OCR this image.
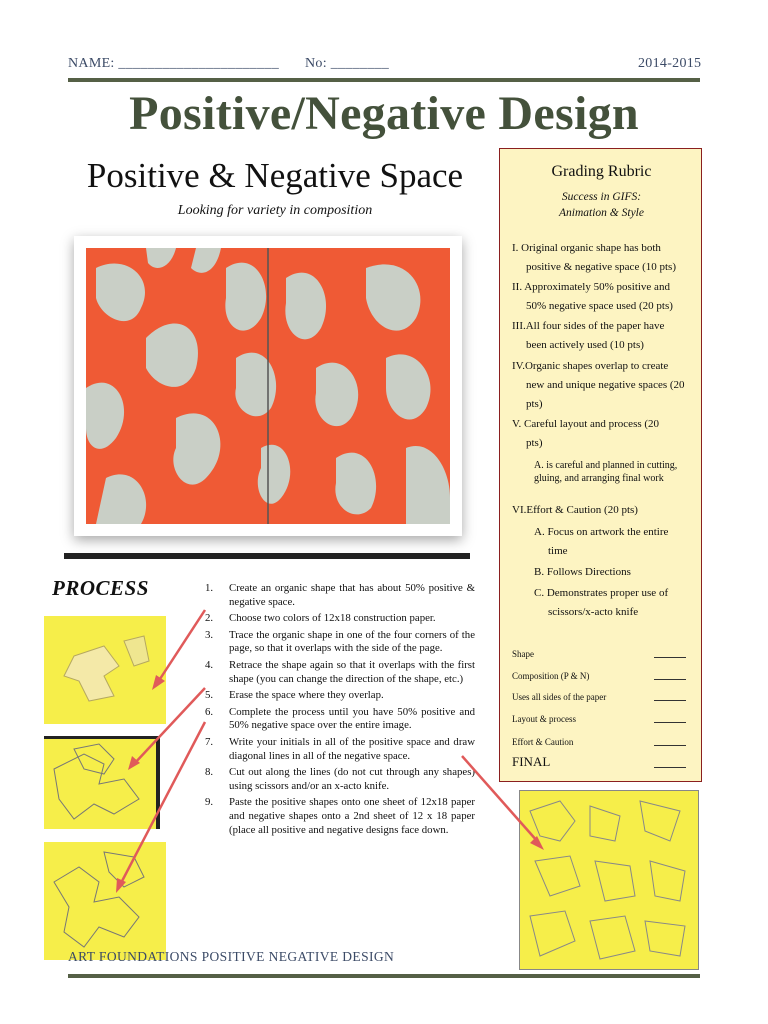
NAME: ______________________ No: ________	2014-2015
Positive/Negative Design
Positive & Negative Space
Looking for variety in composition
PROCESS	1. Create an organic shape that has about 50% positive & negative space.
2. Choose two colors of 12x18 construction paper.
3. Trace the organic shape in one of the four corners of the page, so that it overlaps with the side of the page.
4. Retrace the shape again so that it overlaps with the first shape (you can change the direction of the shape, etc.)
5. Erase the space where they overlap.
6. Complete the process until you have 50% positive and 50% negative space over the entire image.
7. Write your initials in all of the positive space and draw diagonal lines in all of the negative space.
8. Cut out along the lines (do not cut through any shapes) using scissors and/or an x-acto knife.
9. Paste the positive shapes onto one sheet of 12x18 paper and negative shapes onto a 2nd sheet of 12 x 18 paper (place all positive and negative designs face down.
Grading Rubric
Success in GIFS:
Animation & Style
I. Original organic shape has both
positive & negative space (10 pts)
II. Approximately 50% positive and
50% negative space used (20 pts)
III.All four sides of the paper have
been actively used (10 pts)
IV.Organic shapes overlap to create
new and unique negative spaces (20 pts)
V. Careful layout and process (20
pts)
A. is careful and planned in cutting, gluing, and arranging final work
VI.Effort & Caution (20 pts)
A. Focus on artwork the entire
time
B. Follows Directions
C. Demonstrates proper use of
scissors/x-acto knife
Shape
Composition (P & N)
Uses all sides of the paper
Layout & process
Effort & Caution
FINAL
ART FOUNDATIONS POSITIVE NEGATIVE DESIGN
